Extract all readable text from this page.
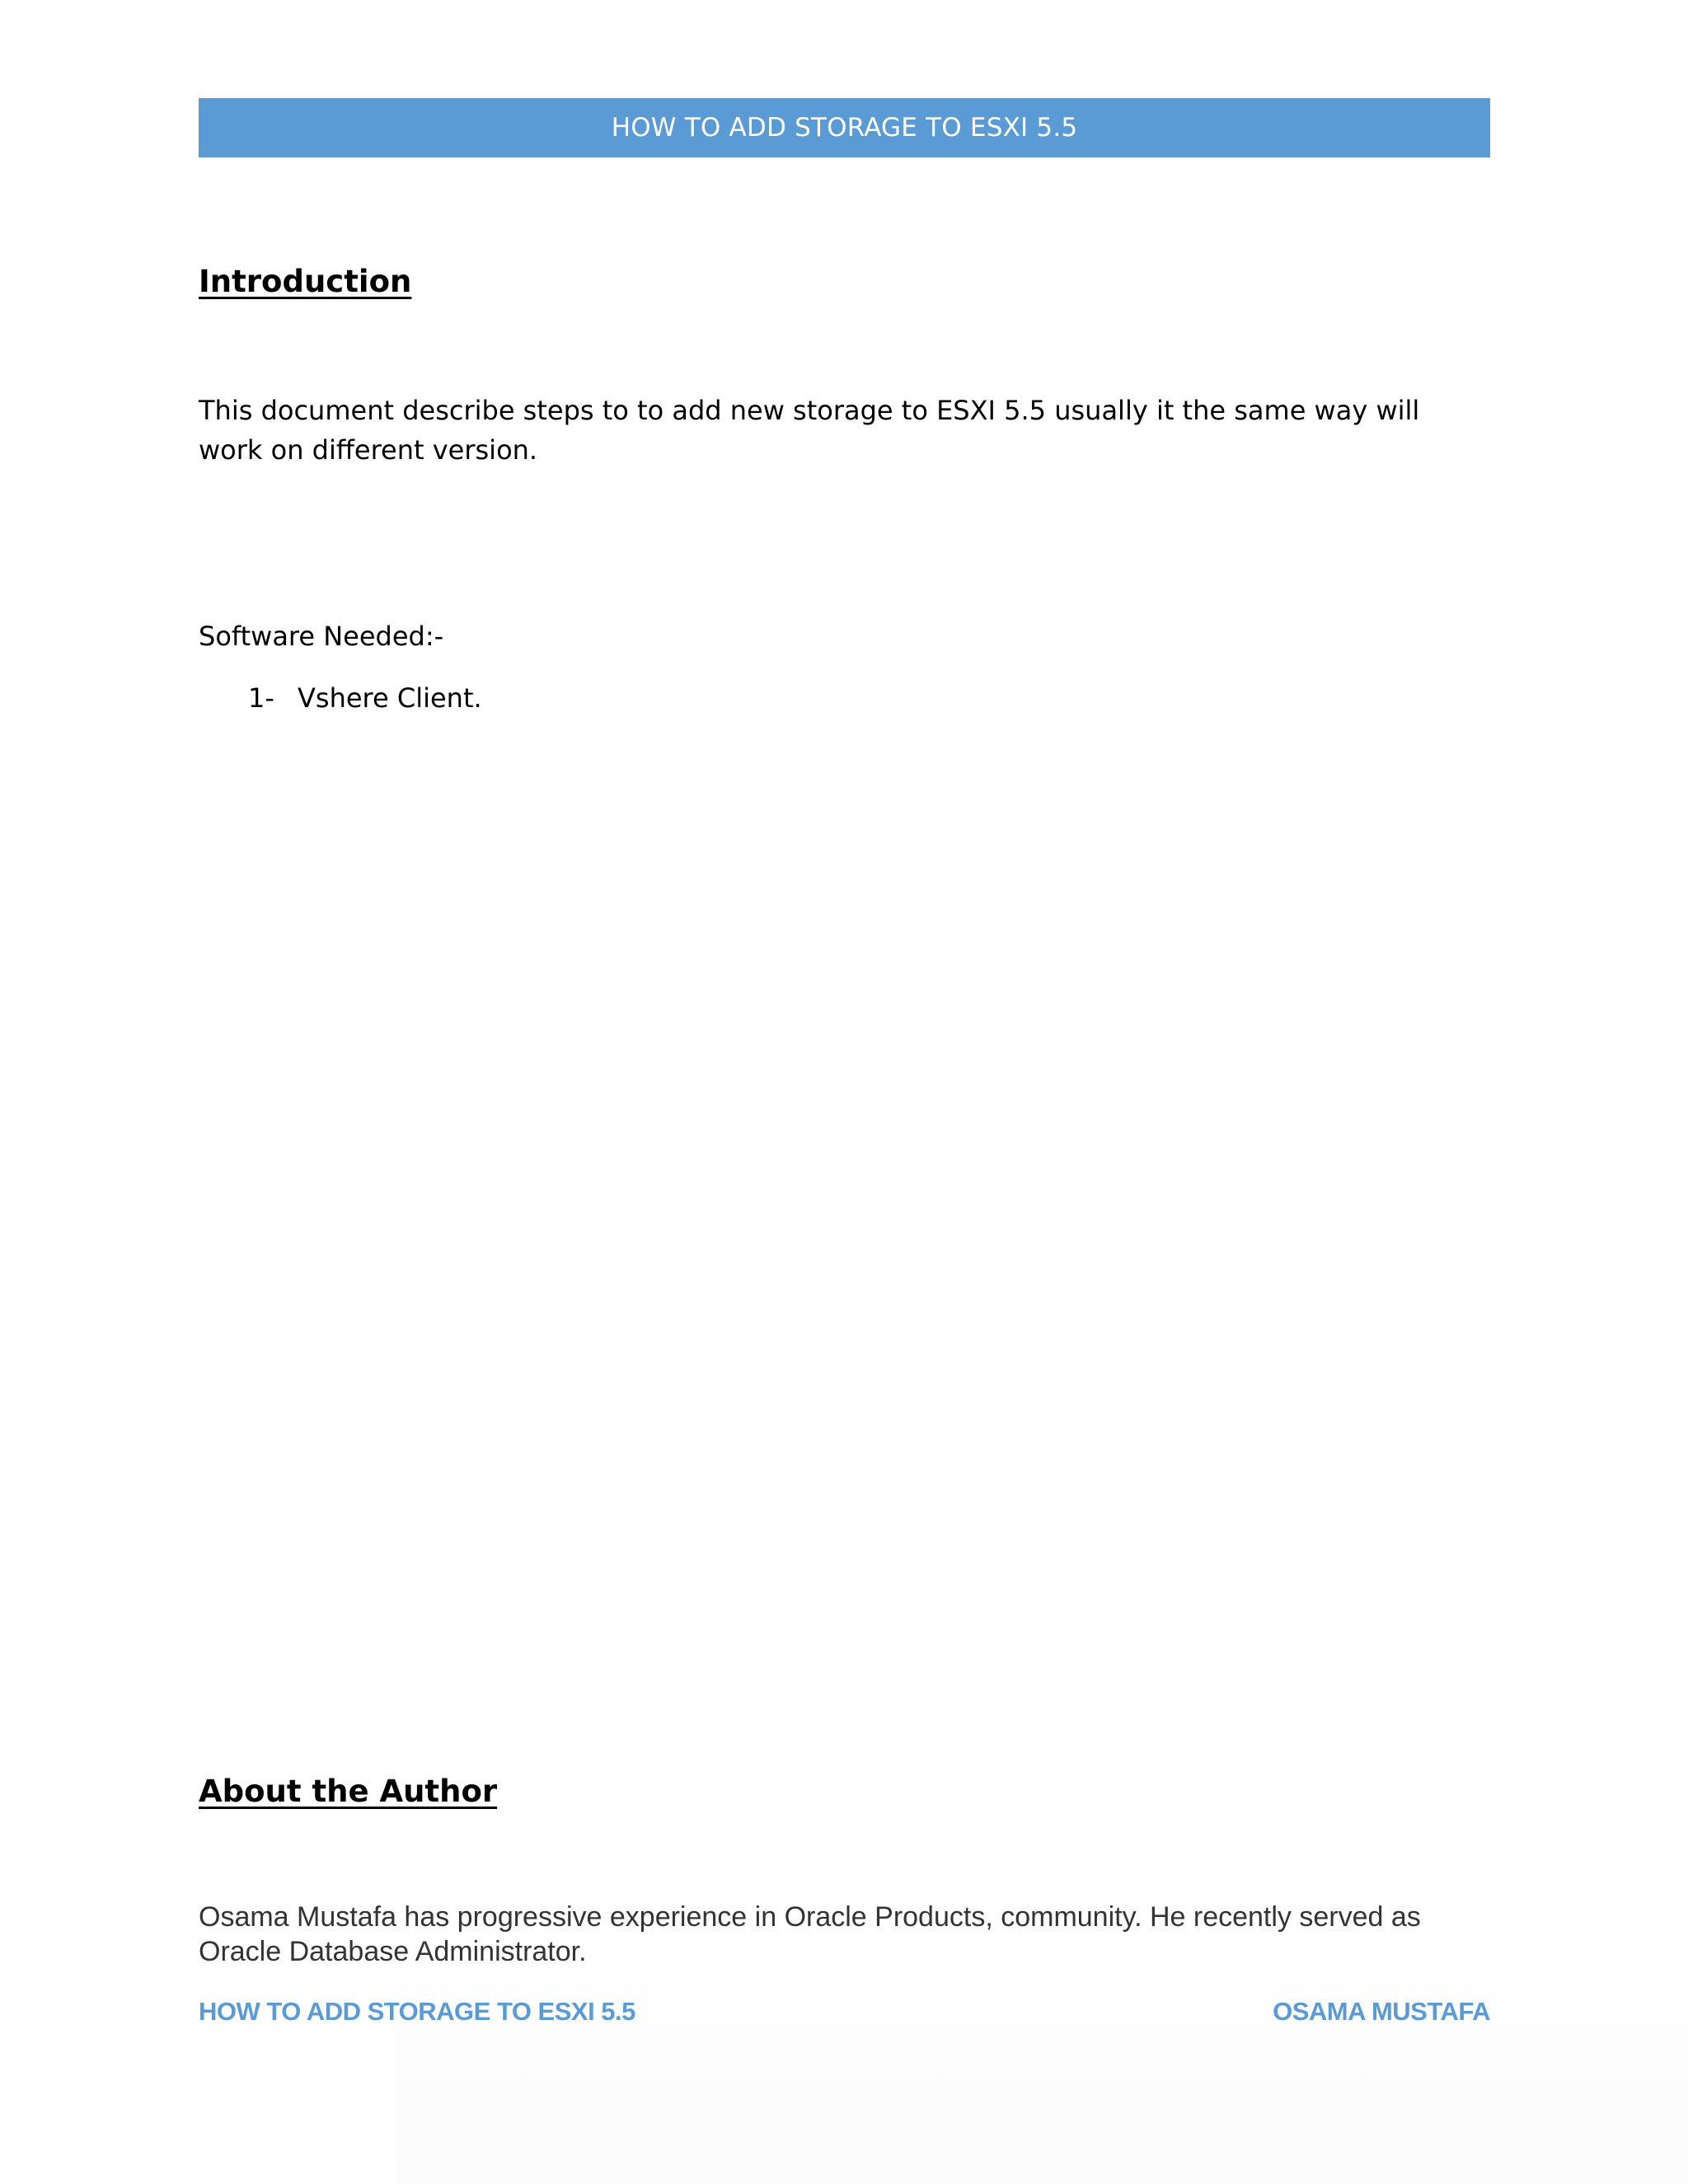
HOW TO ADD STORAGE TO ESXI 5.5
Introduction

This document describe steps to to add new storage to ESXI 5.5 usually it the same way will work on different version.

Software Needed:-

1- Vshere Client.
About the Author

Osama Mustafa has progressive experience in Oracle Products, community. He recently served as Oracle Database Administrator.

HOW TO ADD STORAGE TO ESXI 5.5	OSAMA MUSTAFA
